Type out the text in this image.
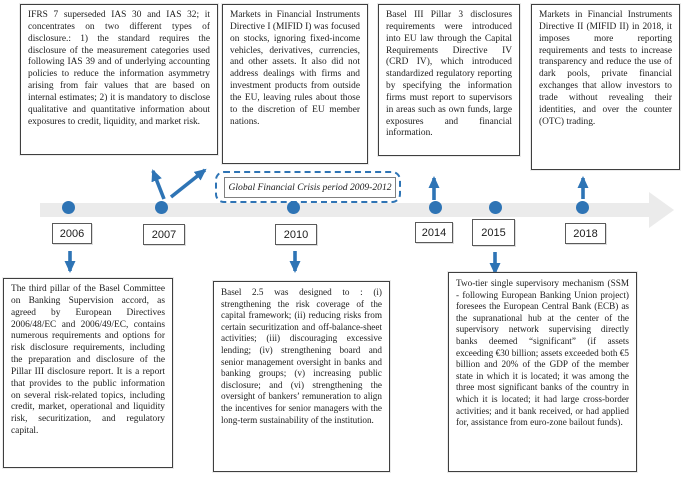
IFRS 7 superseded IAS 30 and IAS 32; it concentrates on two different types of disclosure.: 1) the standard requires the disclosure of the measurement categories used following IAS 39 and of underlying accounting policies to reduce the information asymmetry arising from fair values that are based on internal estimates; 2) it is mandatory to disclose qualitative and quantitative information about exposures to credit, liquidity, and market risk.
Markets in Financial Instruments Directive I (MIFID I) was focused on stocks, ignoring fixed-income vehicles, derivatives, currencies, and other assets. It also did not address dealings with firms and investment products from outside the EU, leaving rules about those to the discretion of EU member nations.
Basel III Pillar 3 disclosures requirements were introduced into EU law through the Capital Requirements Directive IV (CRD IV), which introduced standardized regulatory reporting by specifying the information firms must report to supervisors in areas such as own funds, large exposures and financial information.
Markets in Financial Instruments Directive II (MIFID II) in 2018, it imposes more reporting requirements and tests to increase transparency and reduce the use of dark pools, private financial exchanges that allow investors to trade without revealing their identities, and over the counter (OTC) trading.
Global Financial Crisis period 2009-2012
2006	2007	2010	2014	2015	2018
The third pillar of the Basel Committee on Banking Supervision accord, as agreed by European Directives 2006/48/EC and 2006/49/EC, contains numerous requirements and options for risk disclosure requirements, including the preparation and disclosure of the Pillar III disclosure report. It is a report that provides to the public information on several risk-related topics, including credit, market, operational and liquidity risk, securitization, and regulatory capital.
Basel 2.5 was designed to : (i) strengthening the risk coverage of the capital framework; (ii) reducing risks from certain securitization and off-balance-sheet activities; (iii) discouraging excessive lending; (iv) strengthening board and senior management oversight in banks and banking groups; (v) increasing public disclosure; and (vi) strengthening the oversight of bankers’ remuneration to align the incentives for senior managers with the long-term sustainability of the institution.
Two-tier single supervisory mechanism (SSM - following European Banking Union project) foresees the European Central Bank (ECB) as the supranational hub at the center of the supervisory network supervising directly banks deemed “significant” (if assets exceeding €30 billion; assets exceeded both €5 billion and 20% of the GDP of the member state in which it is located; it was among the three most significant banks of the country in which it is located; it had large cross-border activities; and it bank received, or had applied for, assistance from euro-zone bailout funds).
